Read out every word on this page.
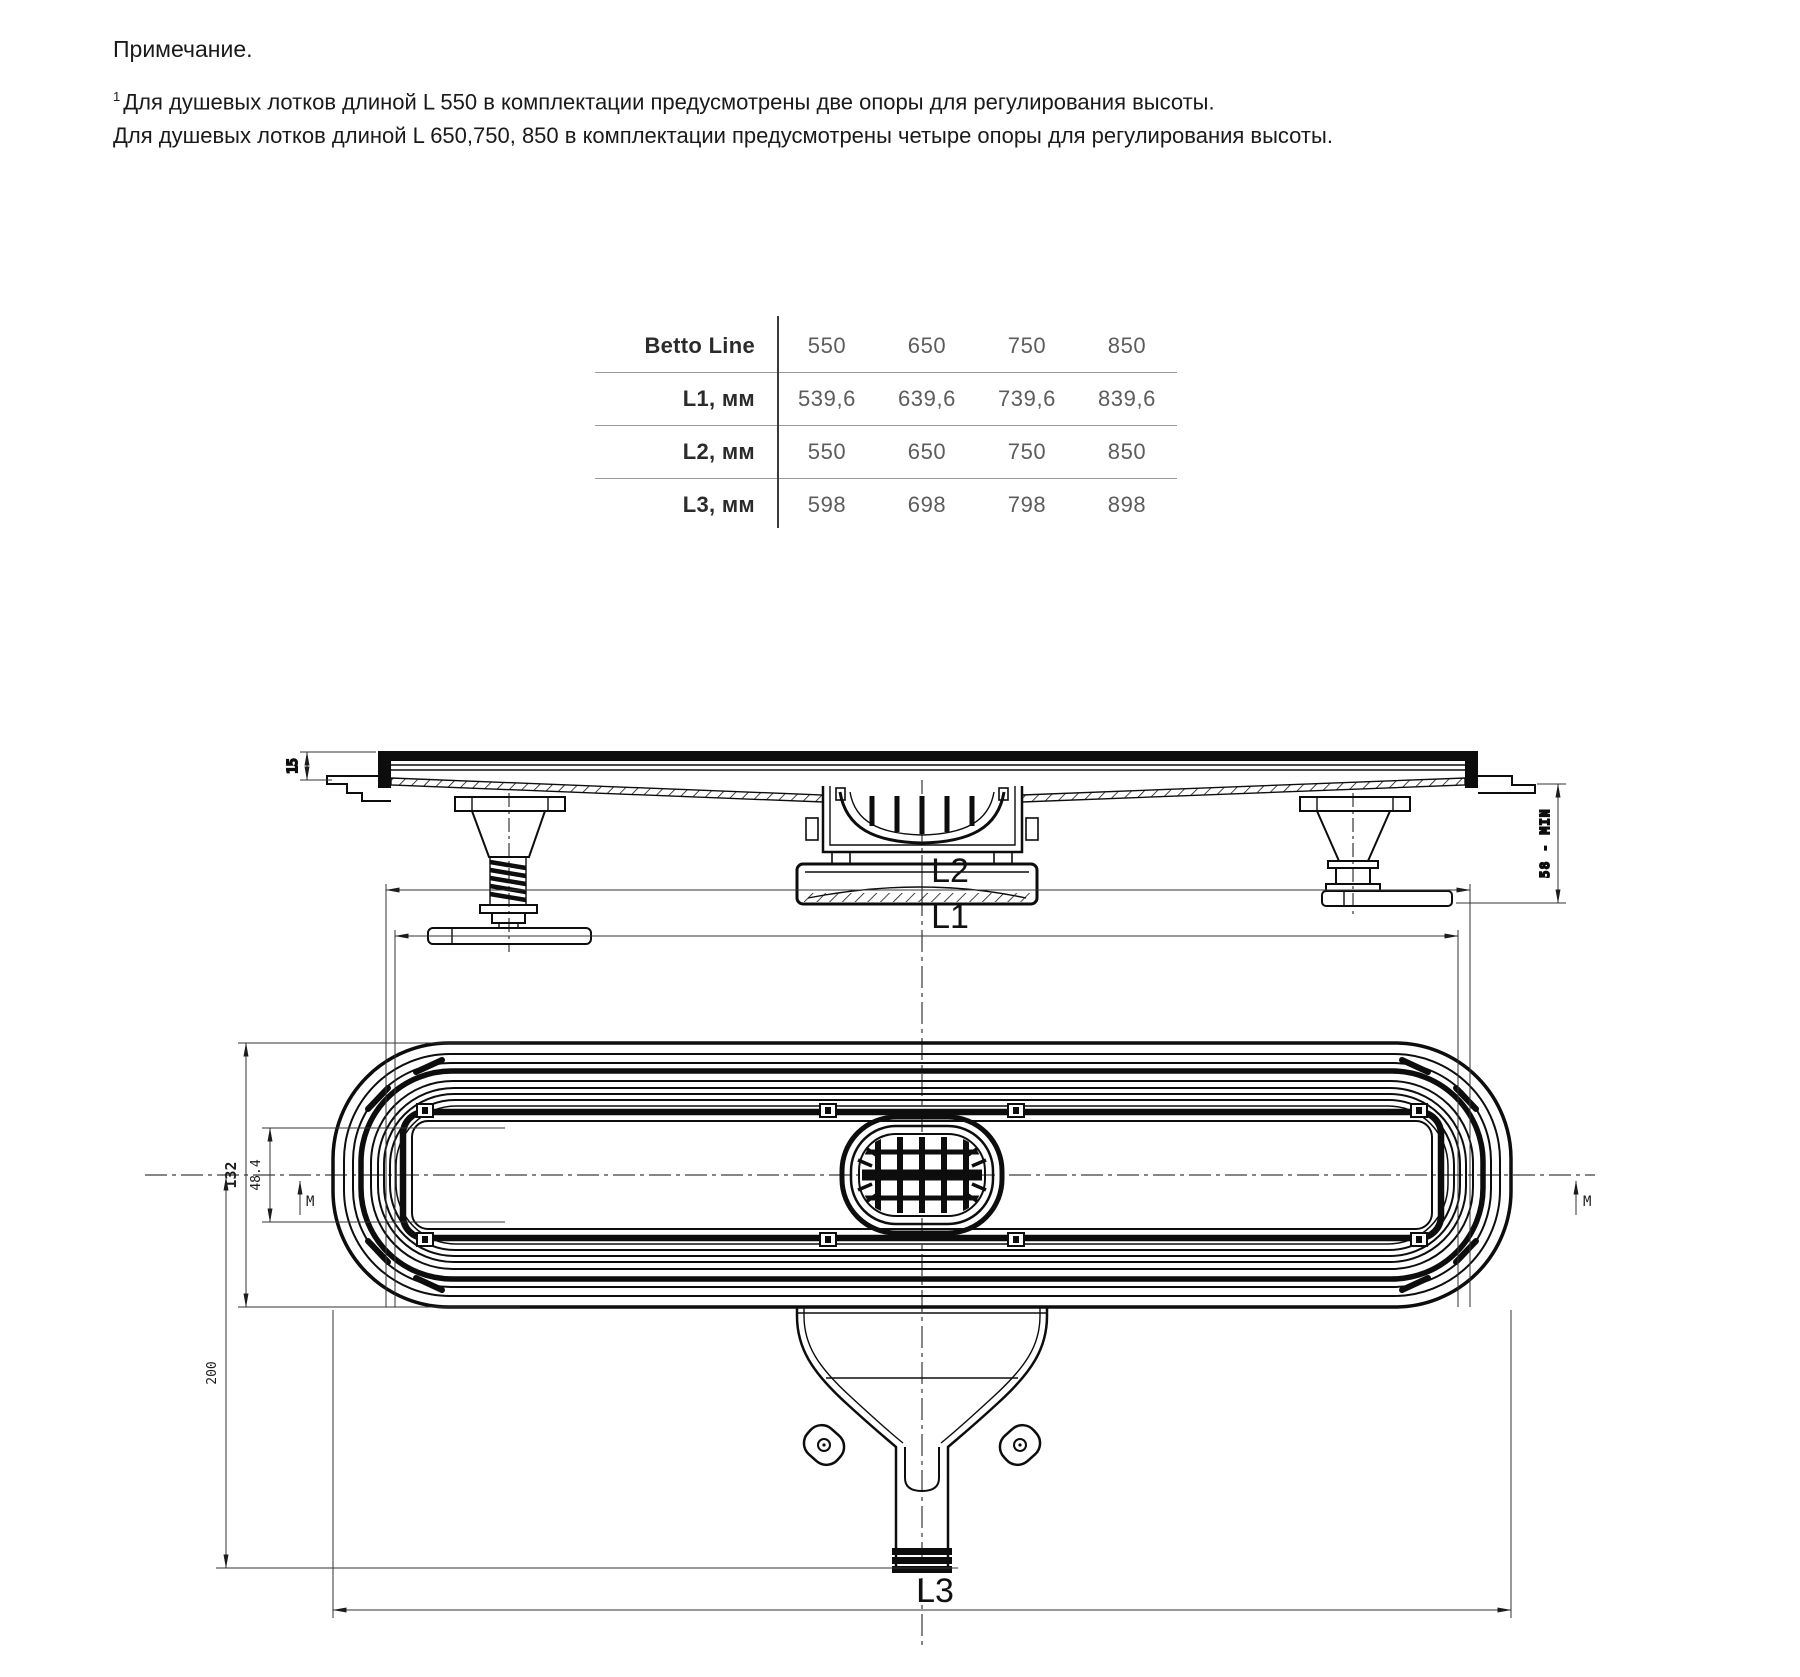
Примечание.
$^1$ Для душевых лотков длиной L 550 в комплектации предусмотрены две опоры для регулирования высоты.
Для душевых лотков длиной L 650,750, 850 в комплектации предусмотрены четыре опоры для регулирования высоты.
Betto Line	550	650	750	850
L1, мм	539,6	639,6	739,6	839,6
L2, мм	550	650	750	850
L3, мм	598	698	798	898
15
58 - MIN
L2
L1
L3
132 48.4
200
M	M
